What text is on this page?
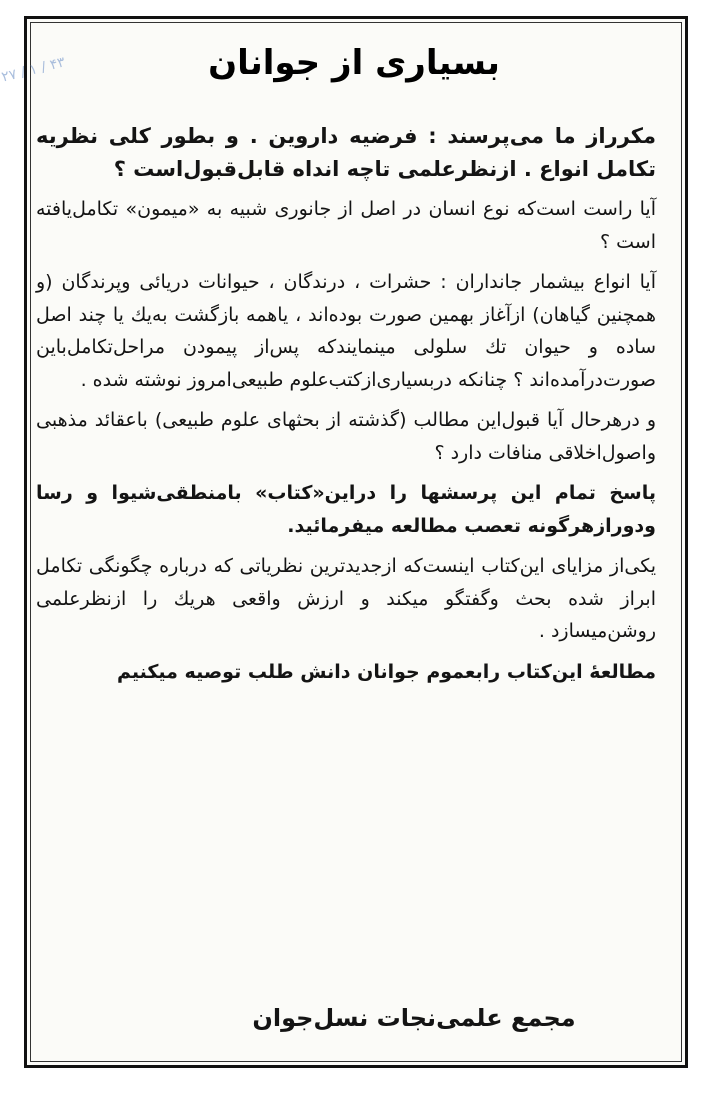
۲۷ / ۱ / ۴۳	بسیاری از جوانان

مکرراز ما می‌پرسند : فرضیه داروین . و بطور کلی نظریه تکامل انواع . ازنظرعلمی تاچه انداه قابل‌قبول‌است ؟

آیا راست است‌که نوع انسان در اصل از جانوری شبیه به «میمون» تکامل‌یافته است ؟

آیا انواع بیشمار جانداران : حشرات ، درندگان ، حیوانات دریائی وپرندگان (و همچنین گیاهان) ازآغاز بهمین صورت بوده‌اند ، یاهمه بازگشت به‌یك یا چند اصل ساده و حیوان تك سلولی مینمایندکه پس‌از پیمودن مراحل‌تکامل‌باین صورت‌درآمده‌اند ؟ چنانکه دربسیاری‌ازکتب‌علوم طبیعی‌امروز نوشته شده .

و درهرحال آیا قبول‌این مطالب (گذشته از بحثهای علوم طبیعی) باعقائد مذهبی واصول‌اخلاقی منافات دارد ؟

پاسخ تمام این پرسشها را دراین«کتاب» بامنطقی‌شیوا و رسا ودورازهرگونه تعصب مطالعه میفرمائید.

یکی‌از مزایای این‌کتاب اینست‌که ازجدیدترین نظریاتی که درباره چگونگی تکامل ابراز شده بحث وگفتگو میکند و ارزش واقعی هریك را ازنظرعلمی روشن‌میسازد .

مطالعهٔ این‌کتاب رابعموم جوانان دانش طلب توصیه میکنیم

مجمع علمی‌نجات نسل‌جوان
